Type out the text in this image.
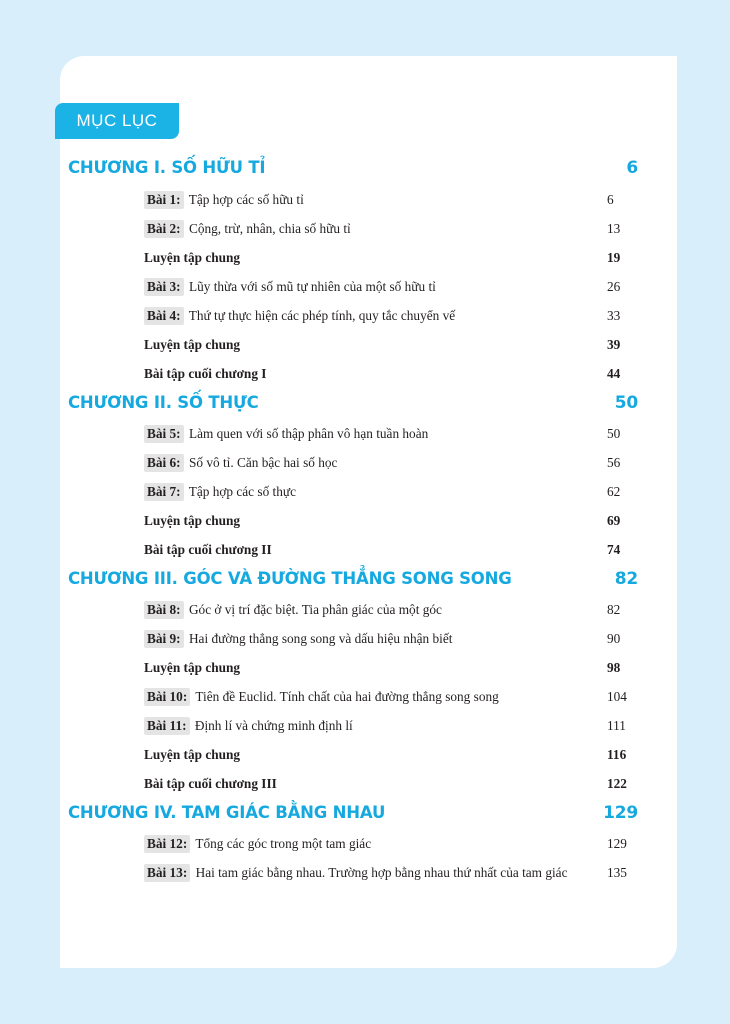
MỤC LỤC
CHƯƠNG I. SỐ HỮU TỈ	6
Bài 1: Tập hợp các số hữu tỉ	6
Bài 2: Cộng, trừ, nhân, chia số hữu tỉ	13
Luyện tập chung	19
Bài 3: Lũy thừa với số mũ tự nhiên của một số hữu tỉ	26
Bài 4: Thứ tự thực hiện các phép tính, quy tắc chuyển vế	33
Luyện tập chung	39
Bài tập cuối chương I	44
CHƯƠNG II. SỐ THỰC	50
Bài 5: Làm quen với số thập phân vô hạn tuần hoàn	50
Bài 6: Số vô tỉ. Căn bậc hai số học	56
Bài 7: Tập hợp các số thực	62
Luyện tập chung	69
Bài tập cuối chương II	74
CHƯƠNG III. GÓC VÀ ĐƯỜNG THẲNG SONG SONG	82
Bài 8: Góc ở vị trí đặc biệt. Tia phân giác của một góc	82
Bài 9: Hai đường thẳng song song và dấu hiệu nhận biết	90
Luyện tập chung	98
Bài 10: Tiên đề Euclid. Tính chất của hai đường thẳng song song	104
Bài 11: Định lí và chứng minh định lí	111
Luyện tập chung	116
Bài tập cuối chương III	122
CHƯƠNG IV. TAM GIÁC BẰNG NHAU	129
Bài 12: Tổng các góc trong một tam giác	129
Bài 13: Hai tam giác bằng nhau. Trường hợp bằng nhau thứ nhất của tam giác	135
